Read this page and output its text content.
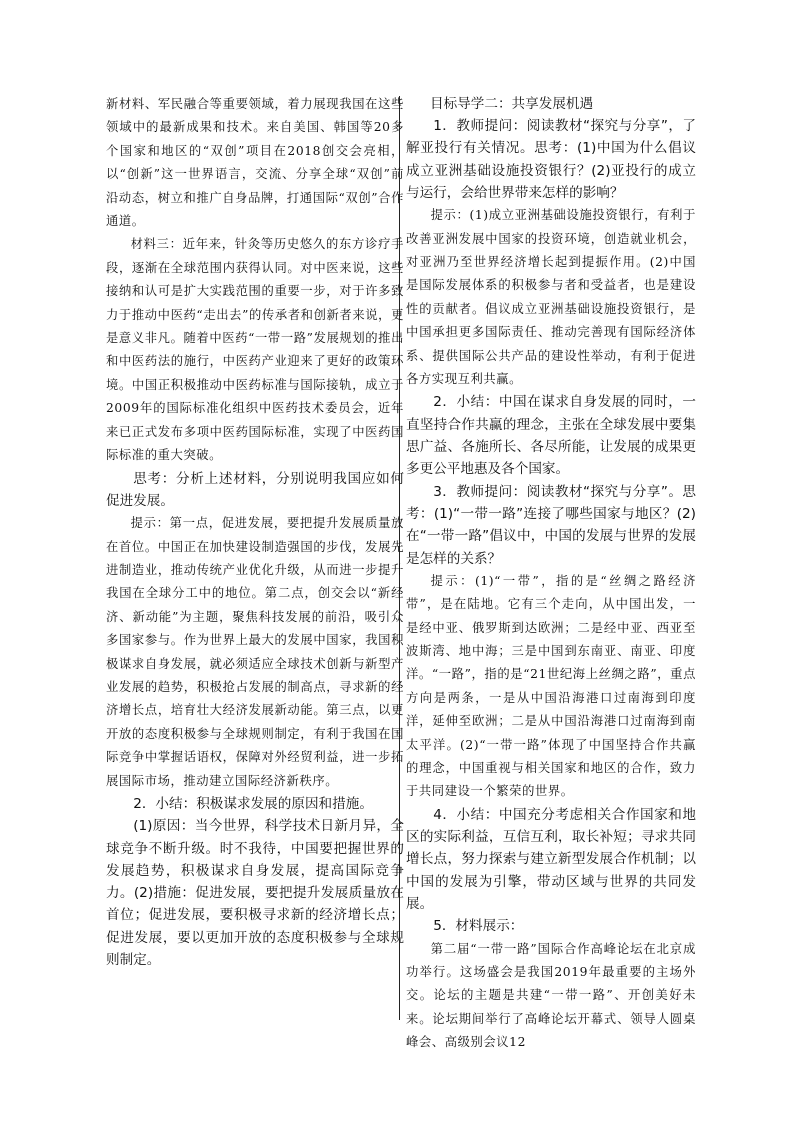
新材料、军民融合等重要领域，着力展现我国在这些领域中的最新成果和技术。来自美国、韩国等20多个国家和地区的“双创”项目在2018创交会亮相，以“创新”这一世界语言，交流、分享全球“双创”前沿动态，树立和推广自身品牌，打通国际“双创”合作通道。

材料三：近年来，针灸等历史悠久的东方诊疗手段，逐渐在全球范围内获得认同。对中医来说，这些接纳和认可是扩大实践范围的重要一步，对于许多致力于推动中医药“走出去”的传承者和创新者来说，更是意义非凡。随着中医药“一带一路”发展规划的推出和中医药法的施行，中医药产业迎来了更好的政策环境。中国正积极推动中医药标准与国际接轨，成立于2009年的国际标准化组织中医药技术委员会，近年来已正式发布多项中医药国际标准，实现了中医药国际标准的重大突破。

思考：分析上述材料，分别说明我国应如何促进发展。

提示：第一点，促进发展，要把提升发展质量放在首位。中国正在加快建设制造强国的步伐，发展先进制造业，推动传统产业优化升级，从而进一步提升我国在全球分工中的地位。第二点，创交会以“新经济、新动能”为主题，聚焦科技发展的前沿，吸引众多国家参与。作为世界上最大的发展中国家，我国积极谋求自身发展，就必须适应全球技术创新与新型产业发展的趋势，积极抢占发展的制高点，寻求新的经济增长点，培育壮大经济发展新动能。第三点，以更开放的态度积极参与全球规则制定，有利于我国在国际竞争中掌握话语权，保障对外经贸利益，进一步拓展国际市场，推动建立国际经济新秩序。

2．小结：积极谋求发展的原因和措施。

(1)原因：当今世界，科学技术日新月异，全球竞争不断升级。时不我待，中国要把握世界的发展趋势，积极谋求自身发展，提高国际竞争力。(2)措施：促进发展，要把提升发展质量放在首位；促进发展，要积极寻求新的经济增长点；促进发展，要以更加开放的态度积极参与全球规则制定。

目标导学二：共享发展机遇

1．教师提问：阅读教材“探究与分享”，了解亚投行有关情况。思考：(1)中国为什么倡议成立亚洲基础设施投资银行？(2)亚投行的成立与运行，会给世界带来怎样的影响？

提示：(1)成立亚洲基础设施投资银行，有利于改善亚洲发展中国家的投资环境，创造就业机会，对亚洲乃至世界经济增长起到提振作用。(2)中国是国际发展体系的积极参与者和受益者，也是建设性的贡献者。倡议成立亚洲基础设施投资银行，是中国承担更多国际责任、推动完善现有国际经济体系、提供国际公共产品的建设性举动，有利于促进各方实现互利共赢。

2．小结：中国在谋求自身发展的同时，一直坚持合作共赢的理念，主张在全球发展中要集思广益、各施所长、各尽所能，让发展的成果更多更公平地惠及各个国家。

3．教师提问：阅读教材“探究与分享”。思考：(1)“一带一路”连接了哪些国家与地区？(2)在“一带一路”倡议中，中国的发展与世界的发展是怎样的关系？

提示：(1)“一带”，指的是“丝绸之路经济带”，是在陆地。它有三个走向，从中国出发，一是经中亚、俄罗斯到达欧洲；二是经中亚、西亚至波斯湾、地中海；三是中国到东南亚、南亚、印度洋。“一路”，指的是“21世纪海上丝绸之路”，重点方向是两条，一是从中国沿海港口过南海到印度洋，延伸至欧洲；二是从中国沿海港口过南海到南太平洋。(2)“一带一路”体现了中国坚持合作共赢的理念，中国重视与相关国家和地区的合作，致力于共同建设一个繁荣的世界。

4．小结：中国充分考虑相关合作国家和地区的实际利益，互信互利，取长补短；寻求共同增长点，努力探索与建立新型发展合作机制；以中国的发展为引擎，带动区域与世界的共同发展。

5．材料展示：

第二届“一带一路”国际合作高峰论坛在北京成功举行。这场盛会是我国2019年最重要的主场外交。论坛的主题是共建“一带一路”、开创美好未来。论坛期间举行了高峰论坛开幕式、领导人圆桌峰会、高级别会议12
